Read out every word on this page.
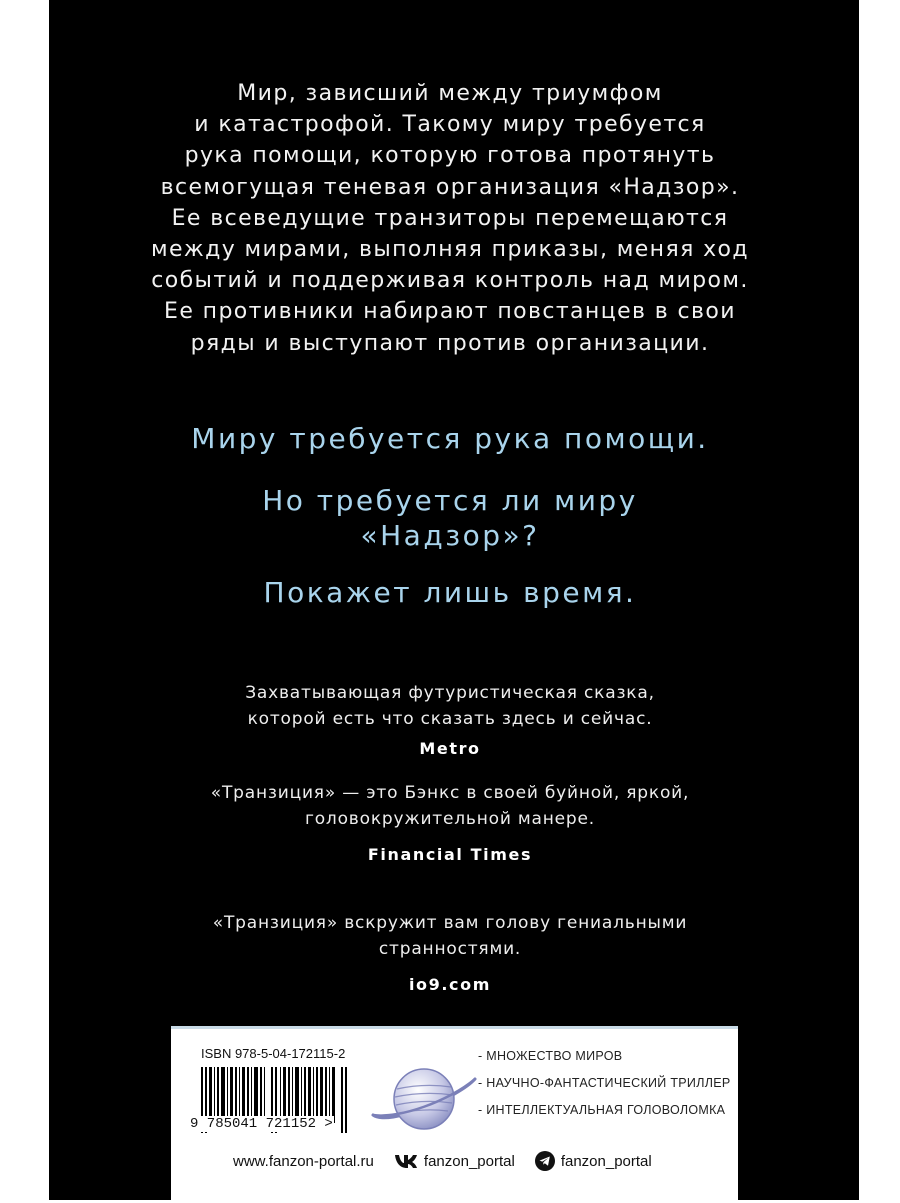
Мир, зависший между триумфом
и катастрофой. Такому миру требуется
рука помощи, которую готова протянуть
всемогущая теневая организация «Надзор».
Ее всеведущие транзиторы перемещаются
между мирами, выполняя приказы, меняя ход
событий и поддерживая контроль над миром.
Ее противники набирают повстанцев в свои
ряды и выступают против организации.
Миру требуется рука помощи.
Но требуется ли миру
«Надзор»?
Покажет лишь время.
Захватывающая футуристическая сказка,
которой есть что сказать здесь и сейчас.
Metro
«Транзиция» — это Бэнкс в своей буйной, яркой,
головокружительной манере.
Financial Times
«Транзиция» вскружит вам голову гениальными
странностями.
io9.com
ISBN 978-5-04-172115-2
9 785041 721152 >
- МНОЖЕСТВО МИРОВ
- НАУЧНО-ФАНТАСТИЧЕСКИЙ ТРИЛЛЕР
- ИНТЕЛЛЕКТУАЛЬНАЯ ГОЛОВОЛОМКА
www.fanzon-portal.ru	fanzon_portal	fanzon_portal
